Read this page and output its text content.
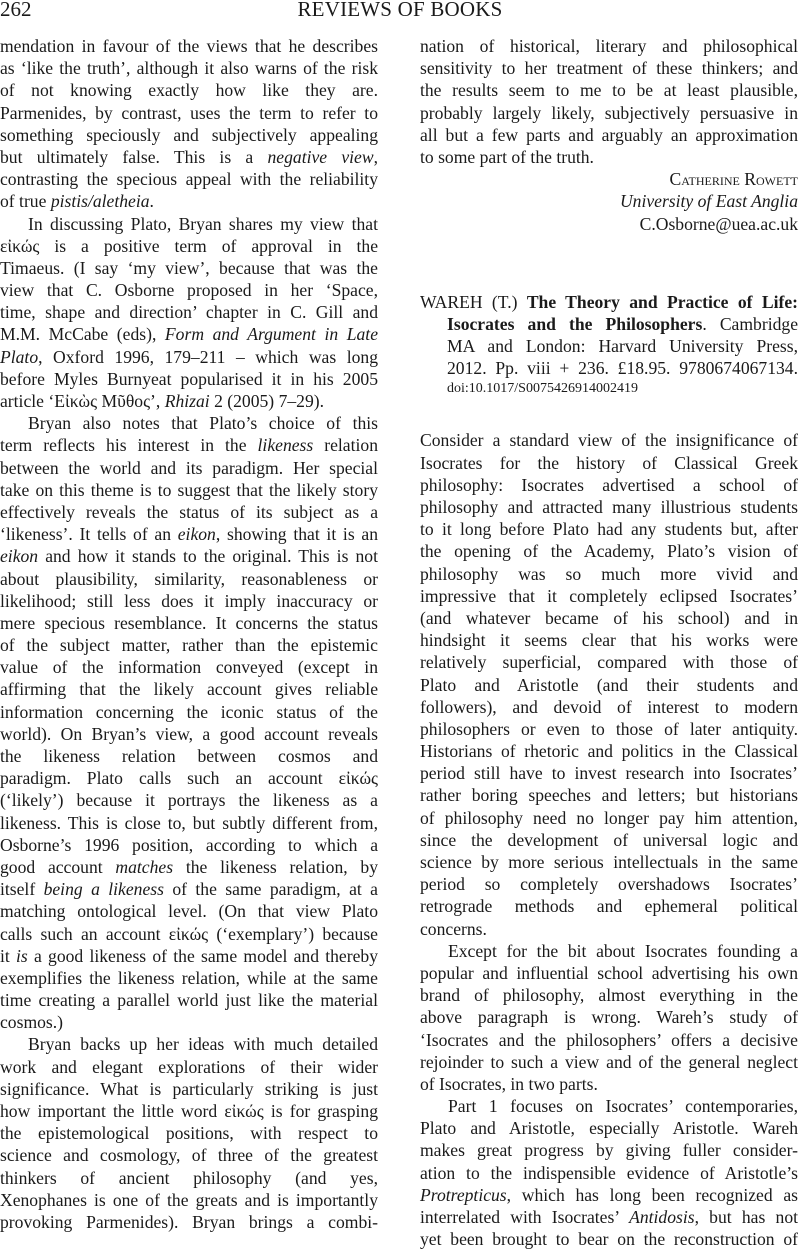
262	REVIEWS OF BOOKS
mendation in favour of the views that he describes
as ‘like the truth’, although it also warns of the risk
of not knowing exactly how like they are.
Parmenides, by contrast, uses the term to refer to
something speciously and subjectively appealing
but ultimately false. This is a negative view,
contrasting the specious appeal with the reliability
of true pistis/aletheia.
In discussing Plato, Bryan shares my view that
εἰκώς is a positive term of approval in the
Timaeus. (I say ‘my view’, because that was the
view that C. Osborne proposed in her ‘Space,
time, shape and direction’ chapter in C. Gill and
M.M. McCabe (eds), Form and Argument in Late
Plato, Oxford 1996, 179–211 – which was long
before Myles Burnyeat popularised it in his 2005
article ‘Εἰκὼς Μῦθος’, Rhizai 2 (2005) 7–29).
Bryan also notes that Plato’s choice of this
term reflects his interest in the likeness relation
between the world and its paradigm. Her special
take on this theme is to suggest that the likely story
effectively reveals the status of its subject as a
‘likeness’. It tells of an eikon, showing that it is an
eikon and how it stands to the original. This is not
about plausibility, similarity, reasonableness or
likelihood; still less does it imply inaccuracy or
mere specious resemblance. It concerns the status
of the subject matter, rather than the epistemic
value of the information conveyed (except in
affirming that the likely account gives reliable
information concerning the iconic status of the
world). On Bryan’s view, a good account reveals
the likeness relation between cosmos and
paradigm. Plato calls such an account εἰκώς
(‘likely’) because it portrays the likeness as a
likeness. This is close to, but subtly different from,
Osborne’s 1996 position, according to which a
good account matches the likeness relation, by
itself being a likeness of the same paradigm, at a
matching ontological level. (On that view Plato
calls such an account εἰκώς (‘exemplary’) because
it is a good likeness of the same model and thereby
exemplifies the likeness relation, while at the same
time creating a parallel world just like the material
cosmos.)
Bryan backs up her ideas with much detailed
work and elegant explorations of their wider
significance. What is particularly striking is just
how important the little word εἰκώς is for grasping
the epistemological positions, with respect to
science and cosmology, of three of the greatest
thinkers of ancient philosophy (and yes,
Xenophanes is one of the greats and is importantly
provoking Parmenides). Bryan brings a combi-
nation of historical, literary and philosophical
sensitivity to her treatment of these thinkers; and
the results seem to me to be at least plausible,
probably largely likely, subjectively persuasive in
all but a few parts and arguably an approximation
to some part of the truth.
Catherine Rowett
University of East Anglia
C.Osborne@uea.ac.uk
WAREH (T.) The Theory and Practice of Life:
Isocrates and the Philosophers. Cambridge
MA and London: Harvard University Press,
2012. Pp. viii + 236. £18.95. 9780674067134.
doi:10.1017/S0075426914002419
Consider a standard view of the insignificance of
Isocrates for the history of Classical Greek
philosophy: Isocrates advertised a school of
philosophy and attracted many illustrious students
to it long before Plato had any students but, after
the opening of the Academy, Plato’s vision of
philosophy was so much more vivid and
impressive that it completely eclipsed Isocrates’
(and whatever became of his school) and in
hindsight it seems clear that his works were
relatively superficial, compared with those of
Plato and Aristotle (and their students and
followers), and devoid of interest to modern
philosophers or even to those of later antiquity.
Historians of rhetoric and politics in the Classical
period still have to invest research into Isocrates’
rather boring speeches and letters; but historians
of philosophy need no longer pay him attention,
since the development of universal logic and
science by more serious intellectuals in the same
period so completely overshadows Isocrates’
retrograde methods and ephemeral political
concerns.
Except for the bit about Isocrates founding a
popular and influential school advertising his own
brand of philosophy, almost everything in the
above paragraph is wrong. Wareh’s study of
‘Isocrates and the philosophers’ offers a decisive
rejoinder to such a view and of the general neglect
of Isocrates, in two parts.
Part 1 focuses on Isocrates’ contemporaries,
Plato and Aristotle, especially Aristotle. Wareh
makes great progress by giving fuller consider-
ation to the indispensible evidence of Aristotle’s
Protrepticus, which has long been recognized as
interrelated with Isocrates’ Antidosis, but has not
yet been brought to bear on the reconstruction of
